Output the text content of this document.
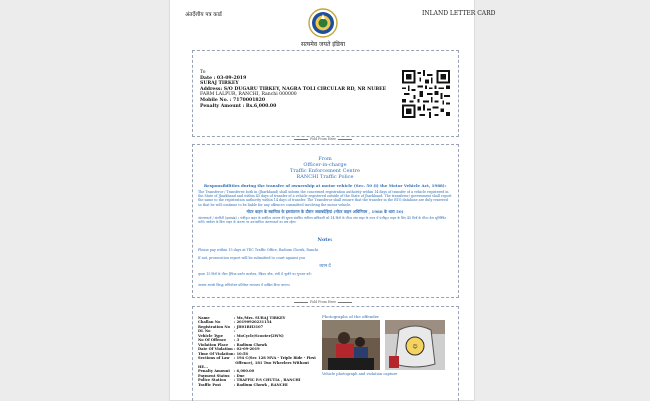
अंतर्देशीय पत्र कार्ड	INLAND LETTER CARD
सत्यमेव जयते इंडिया
To
Date : 03-09-2019
SURAJ TIRKEY
Address: S/O DUGARU TIRKEY, NAGRA TOLI CIRCULAR RD, NR NUBEE
FARM LALPUR, RANCHI, Ranchi 000000
Mobile No. : 7170001820
Penalty Amount : Rs.6,000.00
Fold From Here
From
Officer-in-charge
Traffic Enforcement Centre
RANCHI Traffic Police
Responsibilities during the transfer of ownership at motor vehicle (Sec. 50 (i) the Motor Vehicle Act, 1988):
The Transferor / Transferee both in (Jharkhand) shall inform the concerned registration authority within 14 days of transfer of a vehicle registered in the State of Jharkhand and within 45 days of transfer of a vehicle registered outside of the State of Jharkhand. The transferor/ government shall report the same to the registration authority within 14 days of transfer. The Transferor shall ensure that the transfer in the RTO database are duly renewed so that he will continue to be liable for any offences committed involving the motor vehicle.
मोटर वाहन के स्वामित्व के हस्तांतरण के दौरान जवाबदेहियां (मोटर वाहन अधिनियम , 1988 के धारा 50)
अंतरणकर्ता / अंतरिती (झारखंड) । पंजीकृत वाहन के स्वामित्व अंतरण की सूचना संबंधित पंजीयन प्राधिकारी को 14 दिनों के भीतर तथा बाहर के राज्य में पंजीकृत वाहन के लिए 45 दिनों के भीतर देना सुनिश्चित करेंगे। आवेदन के बिना वाहन के अंतरण पर उत्तरदायित्व अंतरणकर्ता का बना रहेगा।
Note:
Please pay within 15 days at TEC Traffic Office, Radium Chowk, Ranchi
If not, prosecution report will be submitted to court against you
ध्यान दें
कृपया 15 दिनों के भीतर ट्रैफिक प्रवर्तन कार्यालय, रेडियम चौक, रांची में जुर्माने का भुगतान करें।
अन्यथा आपके विरुद्ध अभियोजन प्रतिवेदन न्यायालय में दाखिल किया जाएगा।
Fold From Here
Name	: Mr./Mrs. SURAJ TIRKEY
Challan No	: 20190920231154
Registration No : JH01BH3107
DL No	:
Vehicle Type	: MoCycle/Scooter(2WN)
No Of Offence : 3
Violation Place : Radium Chowk
Date Of Violation: 02-09-2019
Time Of Violation: 10:58
Sections of Law : 194 C(Sec 128 MVA - Triple Ride - First
Offence), 181 Two Wheelers Without HE...
Penalty Amount : 6,000.00
Payment Status : Due
Police Station : TRAFFIC P.S CHUTIA , RANCHI
Traffic Post	: Radium Chowk , RANCHI
Photographs of the offender
☺
Vehicle photograph and violation capture
